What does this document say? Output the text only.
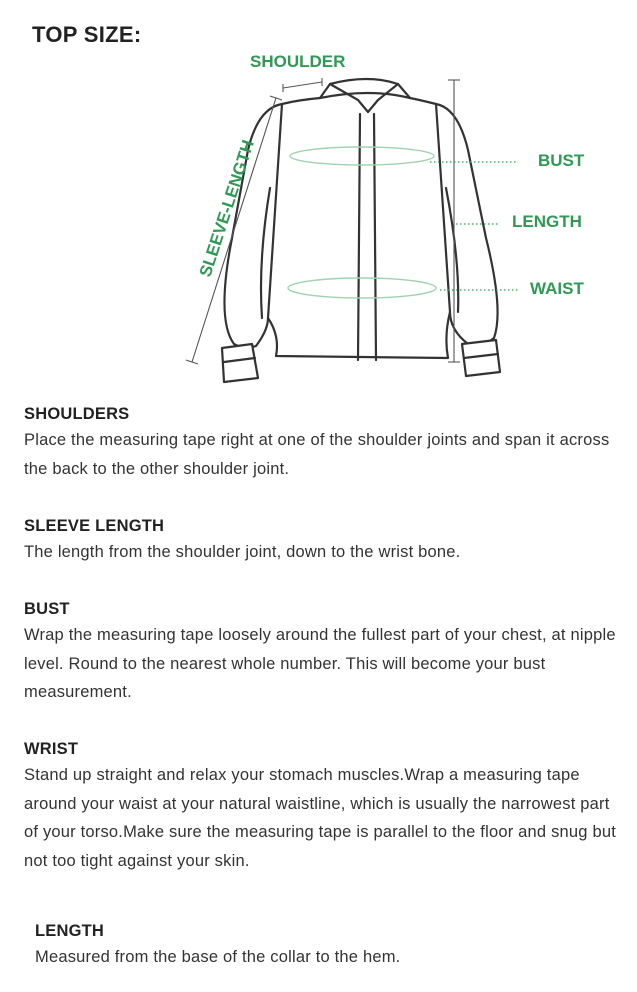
TOP SIZE:
SHOULDER
BUST
LENGTH
WAIST
SLEEVE-LENGTH
SHOULDERS

Place the measuring tape right at one of the shoulder joints and span it across the back to the other shoulder joint.

SLEEVE LENGTH

The length from the shoulder joint, down to the wrist bone.

BUST

Wrap the measuring tape loosely around the fullest part of your chest, at nipple level. Round to the nearest whole number. This will become your bust measurement.

WRIST

Stand up straight and relax your stomach muscles.Wrap a measuring tape around your waist at your natural waistline, which is usually the narrowest part of your torso.Make sure the measuring tape is parallel to the floor and snug but not too tight against your skin.

LENGTH

Measured from the base of the collar to the hem.
